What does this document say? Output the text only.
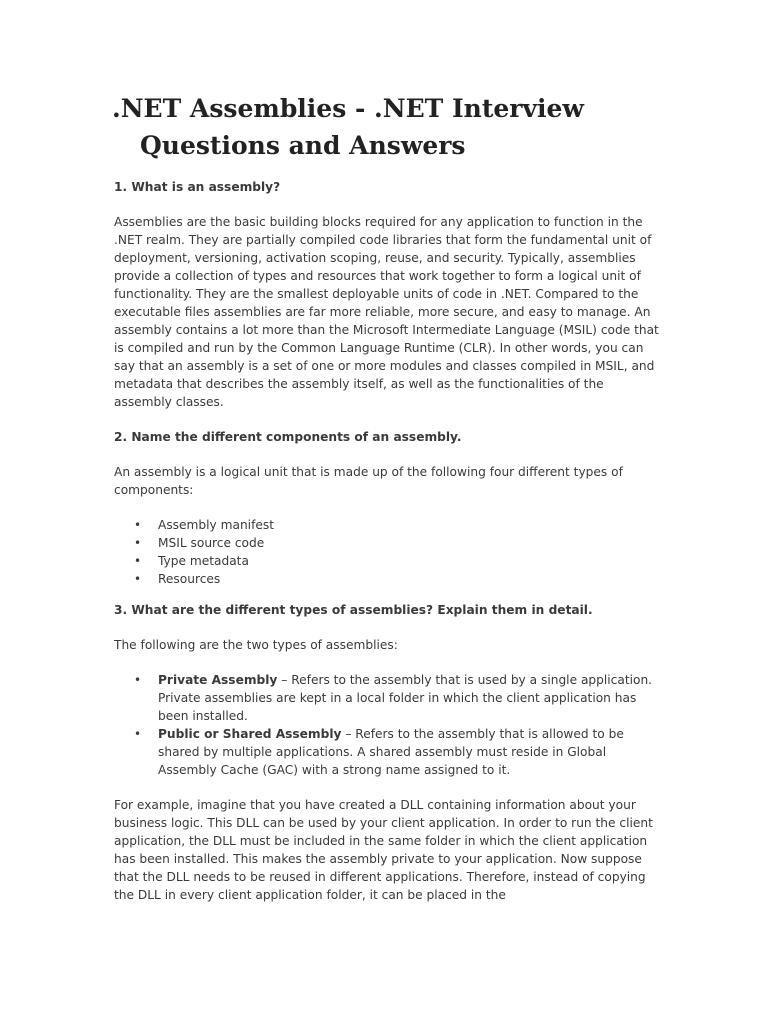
.NET Assemblies - .NET Interview
Questions and Answers

1. What is an assembly?

Assemblies are the basic building blocks required for any application to function in the .NET realm. They are partially compiled code libraries that form the fundamental unit of deployment, versioning, activation scoping, reuse, and security. Typically, assemblies provide a collection of types and resources that work together to form a logical unit of functionality. They are the smallest deployable units of code in .NET. Compared to the executable files assemblies are far more reliable, more secure, and easy to manage. An assembly contains a lot more than the Microsoft Intermediate Language (MSIL) code that is compiled and run by the Common Language Runtime (CLR). In other words, you can say that an assembly is a set of one or more modules and classes compiled in MSIL, and metadata that describes the assembly itself, as well as the functionalities of the assembly classes.

2. Name the different components of an assembly.

An assembly is a logical unit that is made up of the following four different types of components:

• Assembly manifest
• MSIL source code
• Type metadata
• Resources

3. What are the different types of assemblies? Explain them in detail.

The following are the two types of assemblies:

• Private Assembly – Refers to the assembly that is used by a single application. Private assemblies are kept in a local folder in which the client application has been installed.
• Public or Shared Assembly – Refers to the assembly that is allowed to be shared by multiple applications. A shared assembly must reside in Global Assembly Cache (GAC) with a strong name assigned to it.

For example, imagine that you have created a DLL containing information about your business logic. This DLL can be used by your client application. In order to run the client application, the DLL must be included in the same folder in which the client application has been installed. This makes the assembly private to your application. Now suppose that the DLL needs to be reused in different applications. Therefore, instead of copying the DLL in every client application folder, it can be placed in the
